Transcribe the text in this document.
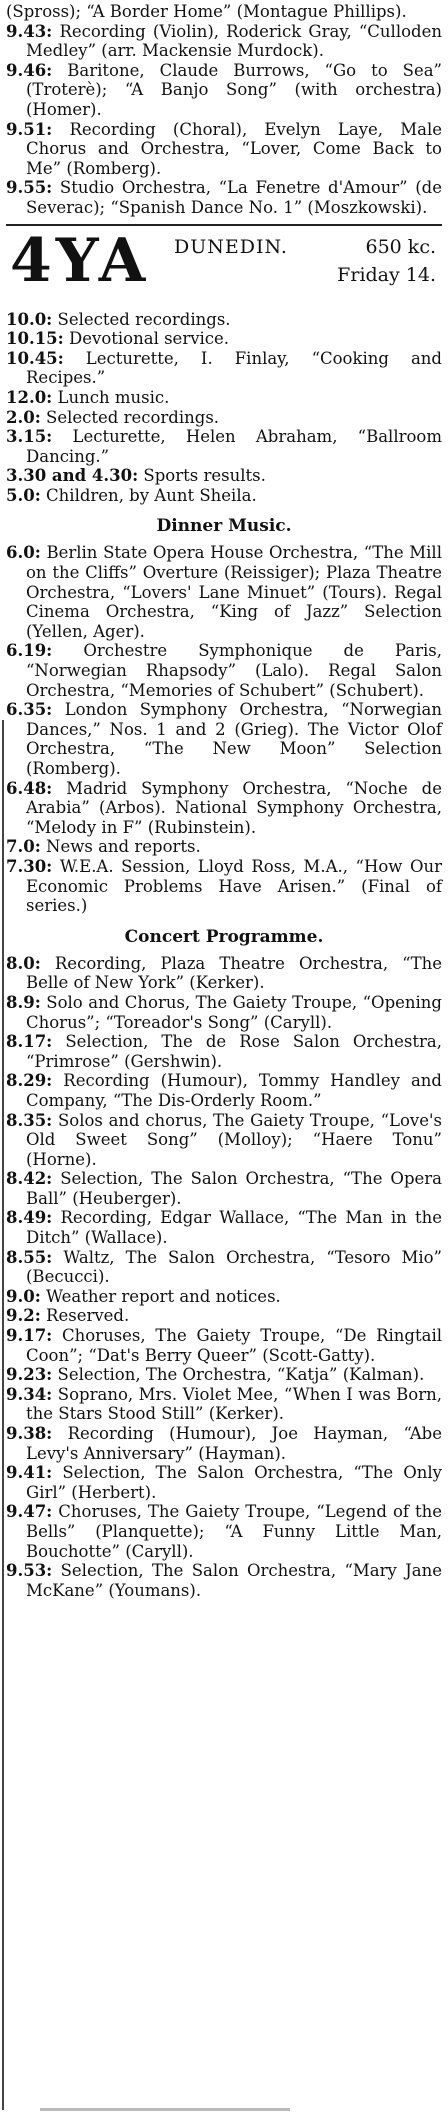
(Spross); “A Border Home” (Montague Phillips).

9.43: Recording (Violin), Roderick Gray, “Culloden Medley” (arr. Mackensie Murdock).

9.46: Baritone, Claude Burrows, “Go to Sea” (Troterè); “A Banjo Song” (with orchestra) (Homer).

9.51: Recording (Choral), Evelyn Laye, Male Chorus and Orchestra, “Lover, Come Back to Me” (Romberg).

9.55: Studio Orchestra, “La Fenetre d'Amour” (de Severac); “Spanish Dance No. 1” (Moszkowski).

4YA DUNEDIN.	650 kc.
Friday 14.

10.0: Selected recordings.

10.15: Devotional service.

10.45: Lecturette, I. Finlay, “Cooking and Recipes.”

12.0: Lunch music.

2.0: Selected recordings.

3.15: Lecturette, Helen Abraham, “Ballroom Dancing.”

3.30 and 4.30: Sports results.

5.0: Children, by Aunt Sheila.

Dinner Music.

6.0: Berlin State Opera House Orchestra, “The Mill on the Cliffs” Overture (Reissiger); Plaza Theatre Orchestra, “Lovers' Lane Minuet” (Tours). Regal Cinema Orchestra, “King of Jazz” Selection (Yellen, Ager).

6.19: Orchestre Symphonique de Paris, “Norwegian Rhapsody” (Lalo). Regal Salon Orchestra, “Memories of Schubert” (Schubert).

6.35: London Symphony Orchestra, “Norwegian Dances,” Nos. 1 and 2 (Grieg). The Victor Olof Orchestra, “The New Moon” Selection (Romberg).

6.48: Madrid Symphony Orchestra, “Noche de Arabia” (Arbos). National Symphony Orchestra, “Melody in F” (Rubinstein).

7.0: News and reports.

7.30: W.E.A. Session, Lloyd Ross, M.A., “How Our Economic Problems Have Arisen.” (Final of series.)

Concert Programme.

8.0: Recording, Plaza Theatre Orchestra, “The Belle of New York” (Kerker).

8.9: Solo and Chorus, The Gaiety Troupe, “Opening Chorus”; “Toreador's Song” (Caryll).

8.17: Selection, The de Rose Salon Orchestra, “Primrose” (Gershwin).

8.29: Recording (Humour), Tommy Handley and Company, “The Dis-Orderly Room.”

8.35: Solos and chorus, The Gaiety Troupe, “Love's Old Sweet Song” (Molloy); “Haere Tonu” (Horne).

8.42: Selection, The Salon Orchestra, “The Opera Ball” (Heuberger).

8.49: Recording, Edgar Wallace, “The Man in the Ditch” (Wallace).

8.55: Waltz, The Salon Orchestra, “Tesoro Mio” (Becucci).

9.0: Weather report and notices.

9.2: Reserved.

9.17: Choruses, The Gaiety Troupe, “De Ringtail Coon”; “Dat's Berry Queer” (Scott-Gatty).

9.23: Selection, The Orchestra, “Katja” (Kalman).

9.34: Soprano, Mrs. Violet Mee, “When I was Born, the Stars Stood Still” (Kerker).

9.38: Recording (Humour), Joe Hayman, “Abe Levy's Anniversary” (Hayman).

9.41: Selection, The Salon Orchestra, “The Only Girl” (Herbert).

9.47: Choruses, The Gaiety Troupe, “Legend of the Bells” (Planquette); “A Funny Little Man, Bouchotte” (Caryll).

9.53: Selection, The Salon Orchestra, “Mary Jane McKane” (Youmans).
